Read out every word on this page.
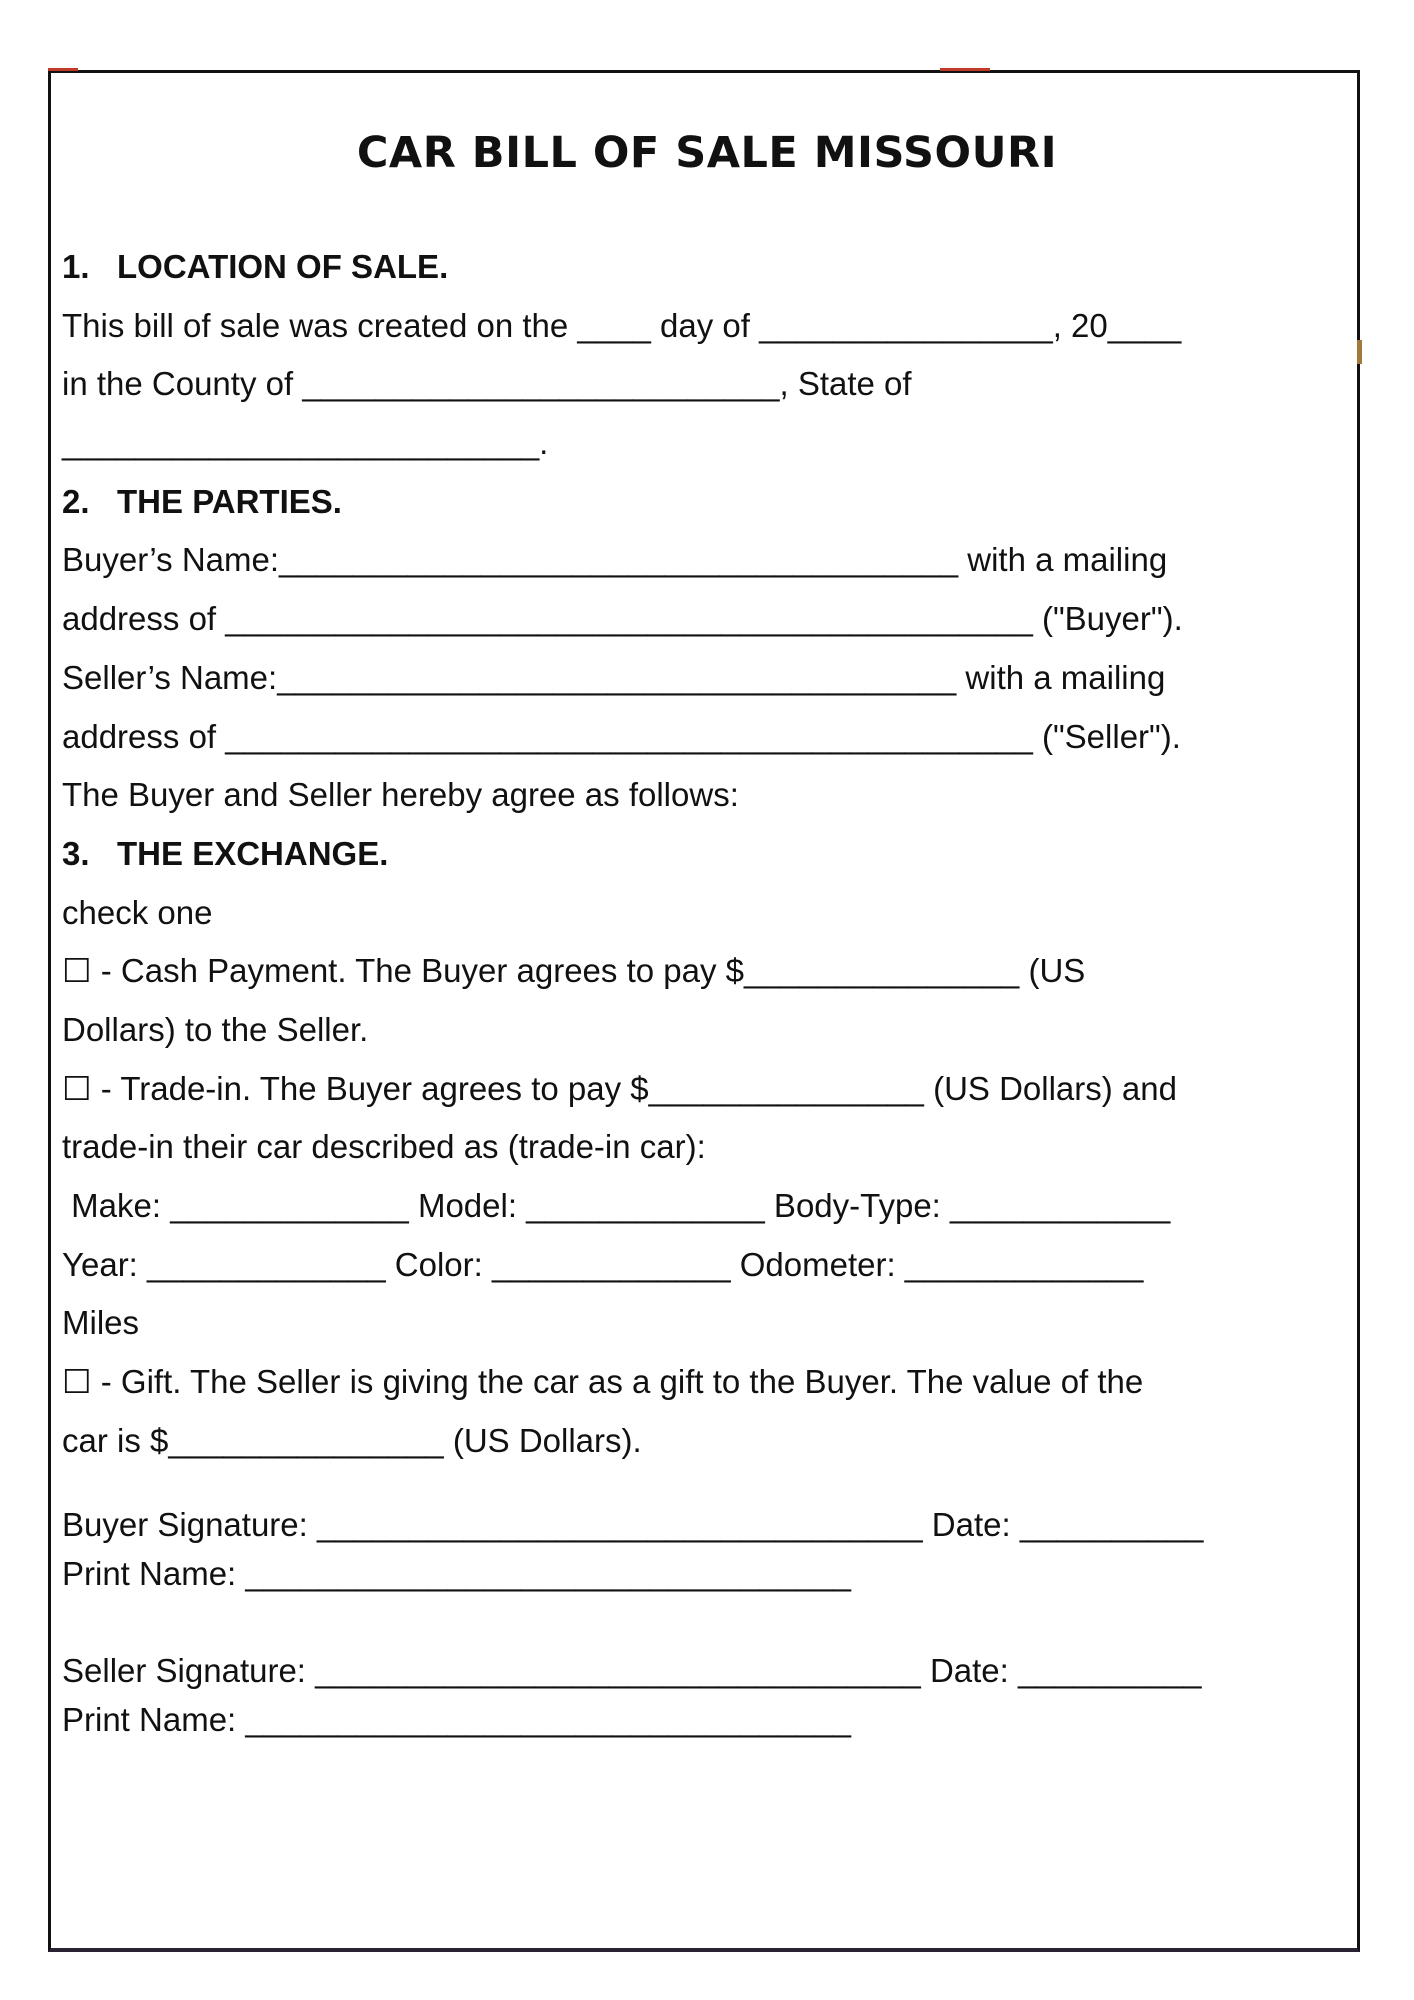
CAR BILL OF SALE MISSOURI
1.   LOCATION OF SALE.
This bill of sale was created on the ____ day of ________________, 20____
in the County of __________________________, State of
__________________________.
2.   THE PARTIES.
Buyer’s Name:_____________________________________ with a mailing
address of ____________________________________________ ("Buyer").
Seller’s Name:_____________________________________ with a mailing
address of ____________________________________________ ("Seller").
The Buyer and Seller hereby agree as follows:
3.   THE EXCHANGE.
check one
☐ - Cash Payment. The Buyer agrees to pay $_______________ (US
Dollars) to the Seller.
☐ - Trade-in. The Buyer agrees to pay $_______________ (US Dollars) and
trade-in their car described as (trade-in car):
Make: _____________ Model: _____________ Body-Type: ____________
Year: _____________ Color: _____________ Odometer: _____________
Miles
☐ - Gift. The Seller is giving the car as a gift to the Buyer. The value of the
car is $_______________ (US Dollars).
Buyer Signature: _________________________________ Date: __________
Print Name: _________________________________
Seller Signature: _________________________________ Date: __________
Print Name: _________________________________
